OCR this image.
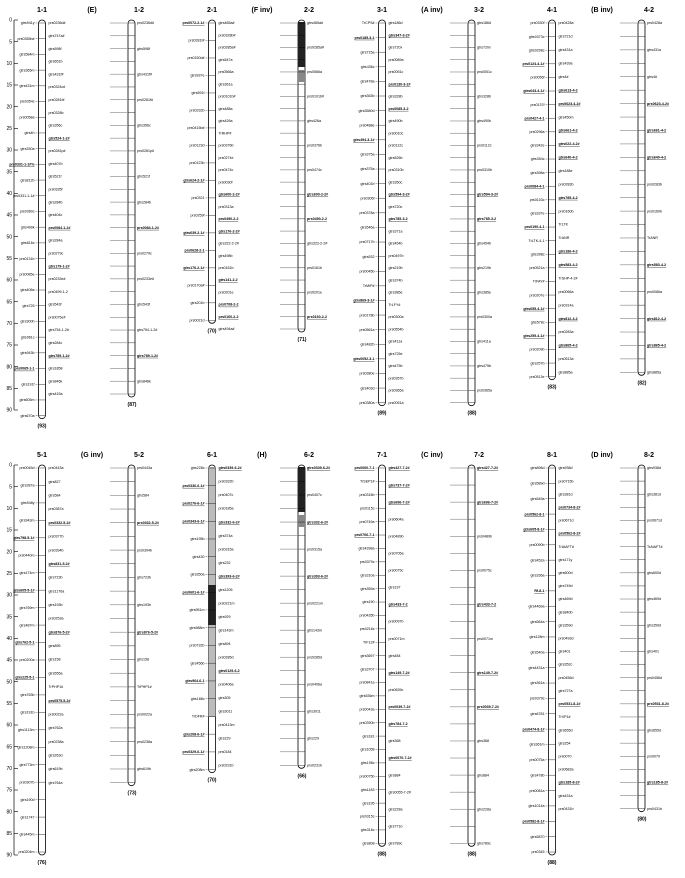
0
5
10
15
20
25
30
35
40
45
50
55
60
65
70
75
80
85
90
1-1	1-2
(E)
(93)
(87)
gtrs941y
prs0355b#
gtrs584m
gtrs365m
gtrs431m
prs0354c
prs0058a
gtrs4h
gtrs330a
prs0331-1-1#%
gtrs812b
prs0331-1-1#
prs0360c
gtrs499k
gtrs616c
prs0131b
prs0085e
gtrs406a
gtrs725
gtrs300h
gtrs961c
gtrs943b
prs0065-1-1
gtrs191f
gtrs605m
gtrs670a
prs0236d#
gtrs747a#
gtrs598f
gtrs651b
gtrs431f#
prs0324c#
prs0281f#
prs0328b
gtrs356c
gtrs524-1-2#
prs0281p#
gtrs407b
gtrs521f
prs0335f
gtrs284b
gtrs404c
prs0084-1-2#
gtrs284a
prs0279c
gtrs179-1-2#
prs0233e#
prs0499-1-2
gtrs543f
prs0075e#
gtrs754-1-2#
gtrs284c
gtrs789-1-2#
gtrs1858
gtrs846k
gtrs415a
prs0236d#
gtrs598f
gtrs431f#
prs0281f#
gtrs356c
prs0281p#
gtrs521f
gtrs284b
prs0084-1-2#
prs0279c
prs0233e#
gtrs543f
gtrs754-1-2#
gtrs789-1-2#
gtrs846k
2-1	2-2
(F inv)
(70)
(71)
prs0072-2-1#
prs0281t#
prs0150d#
gtrs937e
gtrs591f
prs0232b
prs0415b#
prs0123d
prs0123b
gtrs624-2-1#
prs0321
prs0259f
gtrs639-2-1#
prs0628-2-1
gtrs176-2-1#
prs0170a#
gtrs201b
prs0021d
gtrs465a#
prs0328b#
prs0285a#
gtrs547a
prs0566a
gtrs361a
prs0101b#
gtrs488a
gtrs426a
TrRHP#
prs0376b
prs0274e
prs0474c
prs0030f
gtrs600-2-2#
prs0313a
prs0490-2-2
gtrs176-2-2#
gtrs322-2-2#
gtrs498b
prs0161b
gtrs141-2-2
prs0201e
prs0708-2-2
prs0160-2-2
gtrs494a#
gtrs465a#
prs0285a#
prs0566a
prs0101b#
gtrs426a
prs0376b
prs0474c
gtrs600-2-2#
prs0490-2-2
gtrs322-2-2#
prs0161b
prs0201e
prs0160-2-2
3-1	3-2
(A inv)
(89)	(88)
TrCPS#
prs0185-3-1
gtrs715a
gtrs436c
gtrs478a
gtrs363b
gtrs3580d
prs0488e
gtrs494-3-1#
gtrs375a
gtrs375a
gtrs401b
prs0306f
prs0378a
gtrs546a
prs0717b
gtrs532
prs0045b
TrMIP#
gtrs869-3-1#
prs0178b
prs0561a
gtrs482b
gtrs0052-3-1
prs0380e
gtrs403d
prs0380a
gtrs186d
gtrs347-3-2#
gtrs720x
prs0089a
prs0051c
prs0130-3-2#
gtrs328b
prs0085-3-2
gtrs490b
prs0010c
prs0112c
gtrs526b
prs0310b
gtrs350c
gtrs594-3-2#
gtrs720c
gtrs785-3-2
gtrs371a
gtrs454b
prs0497b
gtrs219b
gtrs374b
gtrs385e
TrLFY#
prs0300a
prs0554b
gtrs411a
gtrs725e
gtrs475b
prs0357b
prs0365a
prs0051a
gtrs186d
gtrs720x
prs0051c
gtrs328b
gtrs490b
prs0112c
prs0310b
gtrs594-3-2#
gtrs785-3-2
gtrs454b
gtrs219b
gtrs385e
prs0300a
gtrs411a
gtrs475b
prs0365a
4-1	4-2
(B inv)
(83)
(82)
prs0330f
gtrs0373c
gtrs0208c
prs0124-4-1#
prs0056f
gtrs643-4-1#
prs0137f
prs0427-4-1
prs0296a
gtrs342e
gtrs354c
gtrs398a
prs0084-4-1
prs0103c
gtrs337e
prs0190-4-1
TrLTK-4-1
gtrs398c
prs0521a
TrFAY#
prs0207e
gtrs655-4-1#
gtrs578c
gtrs255-4-1#
prs0209b
gtrs257b
prs0513e
prs0428a
gtrs721d
gtrs431a
gtrs439a
gtrs4#
gtrs613-4-2
prs0623-4-2#
gtrs450m
gtrs661-4-2
gtrs622-4-2#
gtrs640-4-2
gtrs188e
prs0283b
gtrs785-4-2
prs0160b
TrLTK
TrANR
gtrs186-4-2
gtrs583-4-2
TrSHP-4-2#
prs0066a
prs0314a
gtrs812-4-2
prs0283a
gtrs865-4-2
prs0513a
gtrs885a
prs0428a
gtrs431a
gtrs4#
prs0623-4-2#
gtrs661-4-2
gtrs640-4-2
prs0283b
prs0160b
TrANR
gtrs583-4-2
prs0066a
gtrs812-4-2
gtrs865-4-2
gtrs885a
0
5
10
15
20
25
30
35
40
45
50
55
60
65
70
75
80
85
90
5-1	5-2
(G inv)
(76)
(73)
prs0045d
gtrs287a
gtrs948y
gtrs943m
gtrs798-5-1#
prs0440m
gtrs174m
gtrs605-5-1#
gtrs769m
gtrs487m
gtrs762-5-1
prs0200a
gtrs225-5-1
gtrs763b
gtrs191b
gtrs1113m
gtrs1208m
gtrs773m
prs0307b
gtrs190d
gtrs1747
gtrs445m
prs0204m
prs0443a
gtrs827
gtrs584
prs0387a
prs0332-5-2#
prs0377b
prs0394b
gtrs831-5-2#
gtrs723b
gtrs1176a
gtrs193b
prs0253a
gtrs876-5-2#
gtrs895
gtrs158
gtrs555a
TrPHP1#
prs0575-5-2#
prs0022a
gtrs762a
prs0238a
gtrs263d
gtrs619b
gtrs764a
prs0443a
gtrs584
prs0332-5-2#
prs0394b
gtrs723b
gtrs193b
gtrs876-5-2#
gtrs158
TrPHP1#
prs0022a
prs0238a
gtrs619b
6-1	6-2
(H)
(70)
(66)
gtrs228c
prs0336-6-1#
prs0276-6-1#
prs0343-6-1#
gtrs195b
gtrs430
gtrs350a
prs0601-6-1#
gtrs951m
gtrs988m
prs0732b
gtrs456b
gtrs964-6-1
gtrs188c
TrDFR#
gtrs208-6-1#
prs0329-6-1#
gtrs208m
gtrs0339-6-2#
prs0332b
prs0407c
prs0185a
gtrs332-6-2#
gtrs374a
prs0315a
gtrs232
gtrs393-6-2#
gtrs1205
prs0221m
gtrs929
gtrs143m
gtrs894
prs0285d
gtrs0129-6-2
prs0406a
gtrs305
gtrs3011
prs0413m
gtrs229
prs0184
prs0231b
gtrs0339-6-2#
prs0407c
gtrs332-6-2#
prs0315a
gtrs393-6-2#
prs0221m
gtrs143m
prs0285d
prs0406a
gtrs3011
gtrs229
prs0231b
7-1	7-2
(C inv)
(88)	(88)
prs0060-7-1
TrSEP1#
prs0316b
prs0115c
prs0749a
prs0706-7-1
gtrs4398a
prs0379c
gtrs310a
gtrs359a
gtrs190
prs0435b
prs0216c
TrF12#
gtrs3697
gtrs3707
prs0841a
gtrs536m
prs0043a
prs0390b
gtrs181
gtrs1058
gtrs198c
prs0075b
gtrs1183
gtrs195
prs0315c
gtrs316c
gtrs808
gtrs427-7-2#
gtrs737-7-2#
gtrs696-7-2#
prs0604a
prs0489b
prs0705a
prs0075c
gtrs197
gtrs433-7-2
prs0097b
prs0071m
gtrs484
gtrs149-7-2#
prs0639c
prs0039-7-2#
gtrs784-7-2
gtrs368
gtrs0070-7-2#
gtrs884
gtrs0055-7-2#
gtrs228a
gtrs771b
gtrs789c
gtrs427-7-2#
gtrs696-7-2#
prs0489b
prs0075c
gtrs433-7-2
prs0071m
gtrs149-7-2#
prs0039-7-2#
gtrs368
gtrs884
gtrs228a
gtrs789c
8-1	8-2
(D inv)
(88)
(80)
gtrs896d
gtrs589d
gtrs549a
prs0562-8-1
gtrs605-8-1#
prs0090b
gtrs452a
gtrs336a
Rf-8-1
gtrs4469a
gtrs564a
gtrs128m
gtrs540a
gtrs4431a
gtrs361a
prs0379c
gtrs6781
prs0474-8-1#
gtrs361m
prs0075a
gtrs478b
prs0081a
gtrs1014a
prs0582-8-1#
gtrs5870
prs0345
gtrs938d
prs0715b
gtrs381d
prs0734-8-2#
prs0671d
prs0562-8-2#
TrAtAFT#
gtrs171y
gtrs600d
gtrs749d
gtrs469d
gtrs840b
gtrs359d
prs0493d
gtrs401
gtrs352c
prs0456d
gtrs727a
prs0531-8-2#
TrVP1#
gtrs655d
gtrs254
prs0070
prs0683a
gtrs185-8-2#
gtrs431a
prs0431b
gtrs938d
gtrs381d
prs0671d
TrAtAFT#
gtrs600d
gtrs469d
gtrs359d
gtrs401
prs0456d
prs0531-8-2#
gtrs655d
prs0070
gtrs185-8-2#
prs0431b
